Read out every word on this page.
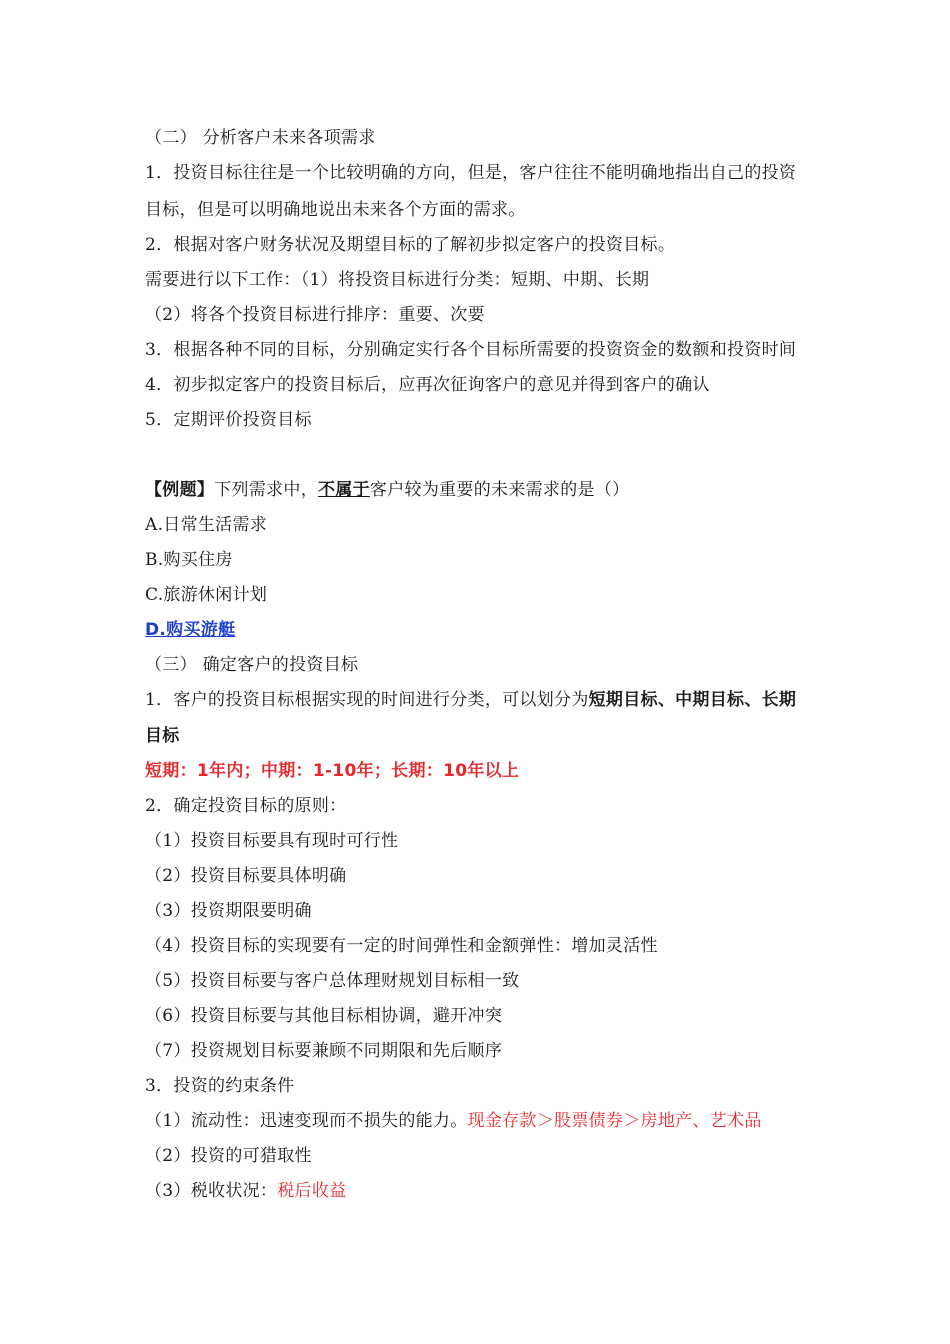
（二） 分析客户未来各项需求
1．投资目标往往是一个比较明确的方向，但是，客户往往不能明确地指出自己的投资
目标，但是可以明确地说出未来各个方面的需求。
2．根据对客户财务状况及期望目标的了解初步拟定客户的投资目标。
需要进行以下工作：（1）将投资目标进行分类：短期、中期、长期
（2）将各个投资目标进行排序：重要、次要
3．根据各种不同的目标，分别确定实行各个目标所需要的投资资金的数额和投资时间
4．初步拟定客户的投资目标后，应再次征询客户的意见并得到客户的确认
5．定期评价投资目标
【例题】下列需求中，不属于客户较为重要的未来需求的是（）
A.日常生活需求
B.购买住房
C.旅游休闲计划
D.购买游艇
（三） 确定客户的投资目标
1．客户的投资目标根据实现的时间进行分类，可以划分为短期目标、中期目标、长期
目标
短期：1年内；中期：1-10年；长期：10年以上
2．确定投资目标的原则：
（1）投资目标要具有现时可行性
（2）投资目标要具体明确
（3）投资期限要明确
（4）投资目标的实现要有一定的时间弹性和金额弹性：增加灵活性
（5）投资目标要与客户总体理财规划目标相一致
（6）投资目标要与其他目标相协调，避开冲突
（7）投资规划目标要兼顾不同期限和先后顺序
3．投资的约束条件
（1）流动性：迅速变现而不损失的能力。现金存款＞股票债券＞房地产、艺术品
（2）投资的可猎取性
（3）税收状况：税后收益
